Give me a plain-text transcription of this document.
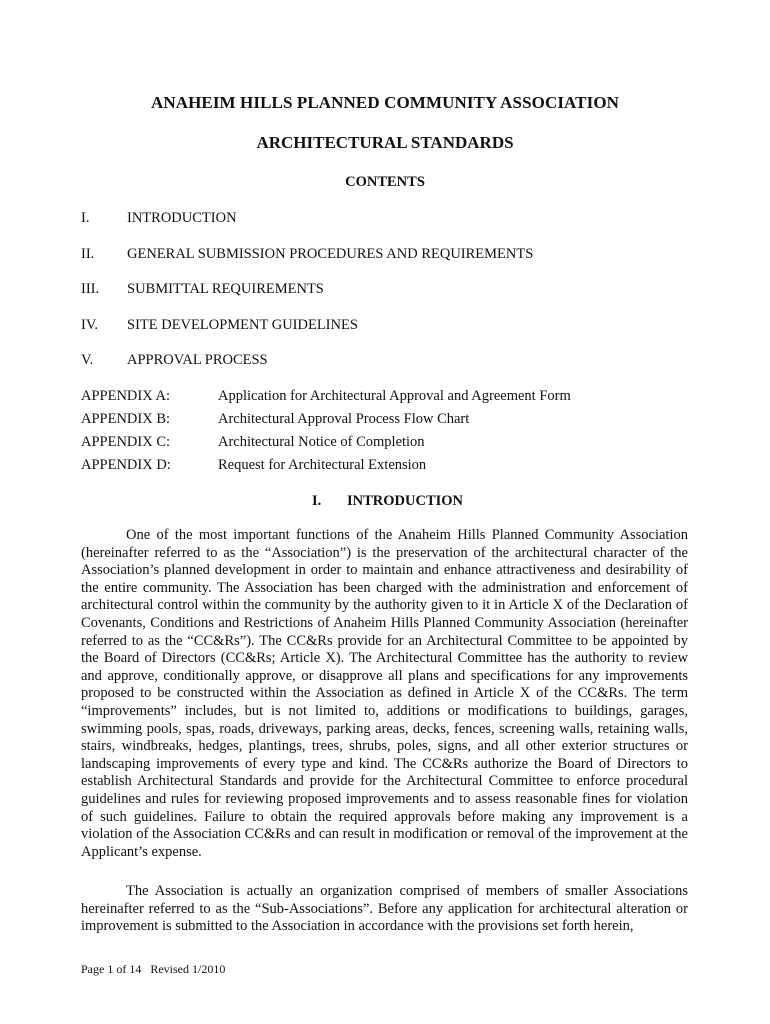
ANAHEIM HILLS PLANNED COMMUNITY ASSOCIATION
ARCHITECTURAL STANDARDS
CONTENTS
I.	INTRODUCTION
II. GENERAL SUBMISSION PROCEDURES AND REQUIREMENTS
III. SUBMITTAL REQUIREMENTS
IV. SITE DEVELOPMENT GUIDELINES
V. APPROVAL PROCESS
APPENDIX A:	Application for Architectural Approval and Agreement Form
APPENDIX B:	Architectural Approval Process Flow Chart
APPENDIX C:	Architectural Notice of Completion
APPENDIX D:	Request for Architectural Extension
I. INTRODUCTION

One of the most important functions of the Anaheim Hills Planned Community Association (hereinafter referred to as the “Association”) is the preservation of the architectural character of the Association’s planned development in order to maintain and enhance attractiveness and desirability of the entire community. The Association has been charged with the administration and enforcement of architectural control within the community by the authority given to it in Article X of the Declaration of Covenants, Conditions and Restrictions of Anaheim Hills Planned Community Association (hereinafter referred to as the “CC&Rs”). The CC&Rs provide for an Architectural Committee to be appointed by the Board of Directors (CC&Rs; Article X). The Architectural Committee has the authority to review and approve, conditionally approve, or disapprove all plans and specifications for any improvements proposed to be constructed within the Association as defined in Article X of the CC&Rs. The term “improvements” includes, but is not limited to, additions or modifications to buildings, garages, swimming pools, spas, roads, driveways, parking areas, decks, fences, screening walls, retaining walls, stairs, windbreaks, hedges, plantings, trees, shrubs, poles, signs, and all other exterior structures or landscaping improvements of every type and kind. The CC&Rs authorize the Board of Directors to establish Architectural Standards and provide for the Architectural Committee to enforce procedural guidelines and rules for reviewing proposed improvements and to assess reasonable fines for violation of such guidelines. Failure to obtain the required approvals before making any improvement is a violation of the Association CC&Rs and can result in modification or removal of the improvement at the Applicant’s expense.

The Association is actually an organization comprised of members of smaller Associations hereinafter referred to as the “Sub-Associations”. Before any application for architectural alteration or improvement is submitted to the Association in accordance with the provisions set forth herein,

Page 1 of 14 Revised 1/2010
